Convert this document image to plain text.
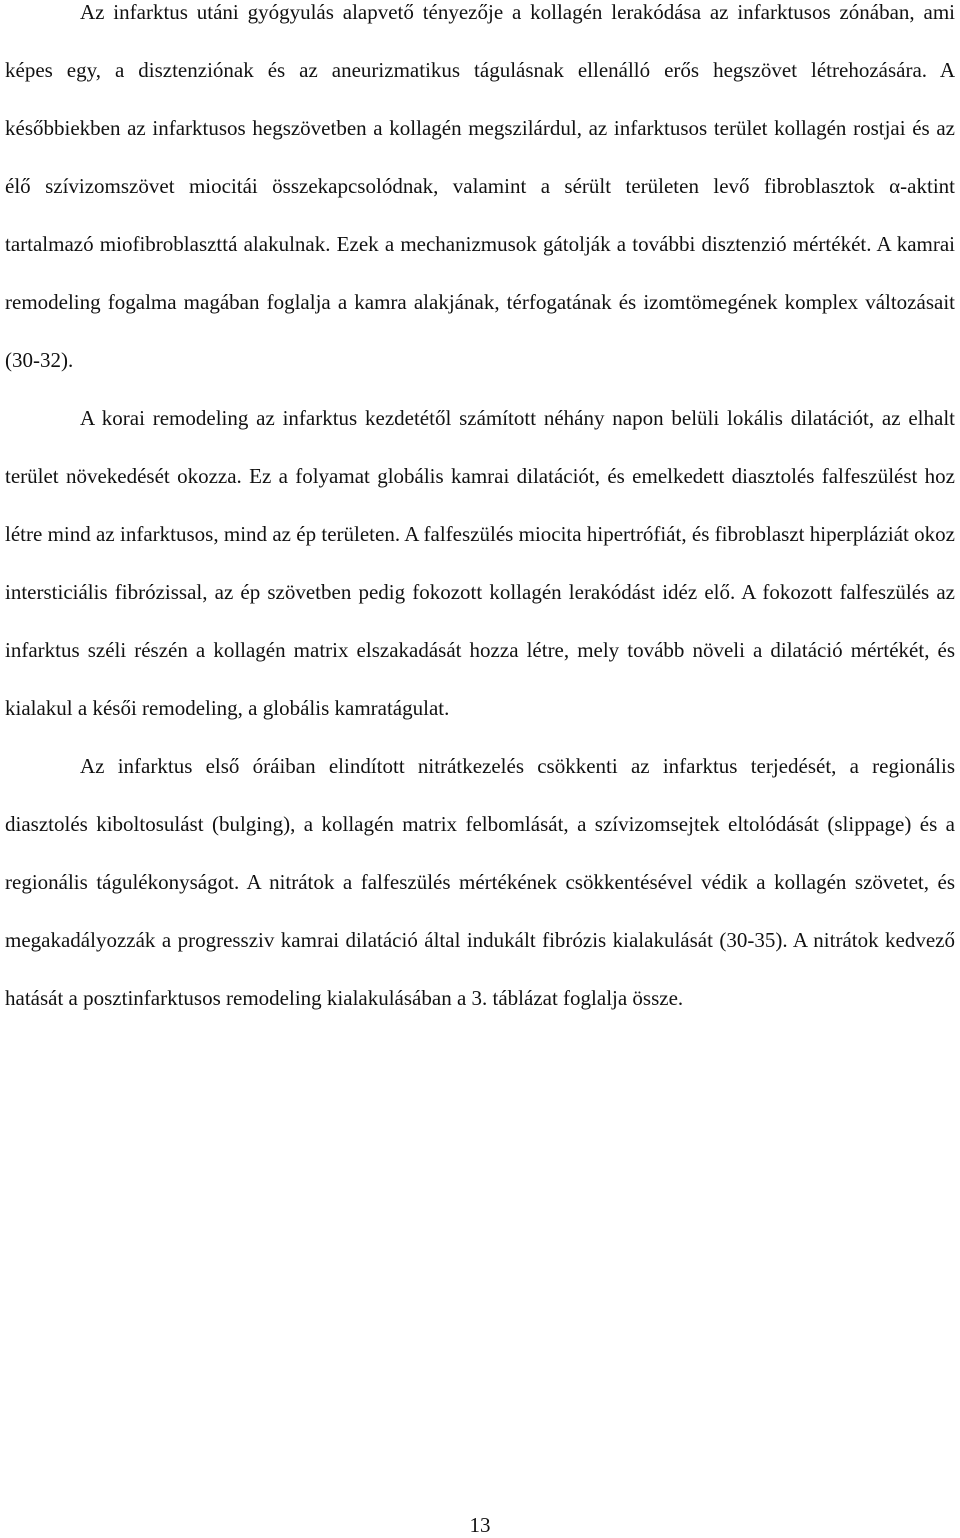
Az infarktus utáni gyógyulás alapvető tényezője a kollagén lerakódása az infarktusos zónában, ami képes egy, a disztenziónak és az aneurizmatikus tágulásnak ellenálló erős hegszövet létrehozására. A későbbiekben az infarktusos hegszövetben a kollagén megszilárdul, az infarktusos terület kollagén rostjai és az élő szívizomszövet miocitái összekapcsolódnak, valamint a sérült területen levő fibroblasztok α-aktint tartalmazó miofibroblaszttá alakulnak. Ezek a mechanizmusok gátolják a további disztenzió mértékét. A kamrai remodeling fogalma magában foglalja a kamra alakjának, térfogatának és izomtömegének komplex változásait (30-32).

A korai remodeling az infarktus kezdetétől számított néhány napon belüli lokális dilatációt, az elhalt terület növekedését okozza. Ez a folyamat globális kamrai dilatációt, és emelkedett diasztolés falfeszülést hoz létre mind az infarktusos, mind az ép területen. A falfeszülés miocita hipertrófiát, és fibroblaszt hiperpláziát okoz intersticiális fibrózissal, az ép szövetben pedig fokozott kollagén lerakódást idéz elő. A fokozott falfeszülés az infarktus széli részén a kollagén matrix elszakadását hozza létre, mely tovább növeli a dilatáció mértékét, és kialakul a késői remodeling, a globális kamratágulat.

Az infarktus első óráiban elindított nitrátkezelés csökkenti az infarktus terjedését, a regionális diasztolés kiboltosulást (bulging), a kollagén matrix felbomlását, a szívizomsejtek eltolódását (slippage) és a regionális tágulékonyságot. A nitrátok a falfeszülés mértékének csökkentésével védik a kollagén szövetet, és megakadályozzák a progressziv kamrai dilatáció által indukált fibrózis kialakulását (30-35). A nitrátok kedvező hatását a posztinfarktusos remodeling kialakulásában a 3. táblázat foglalja össze.

13
